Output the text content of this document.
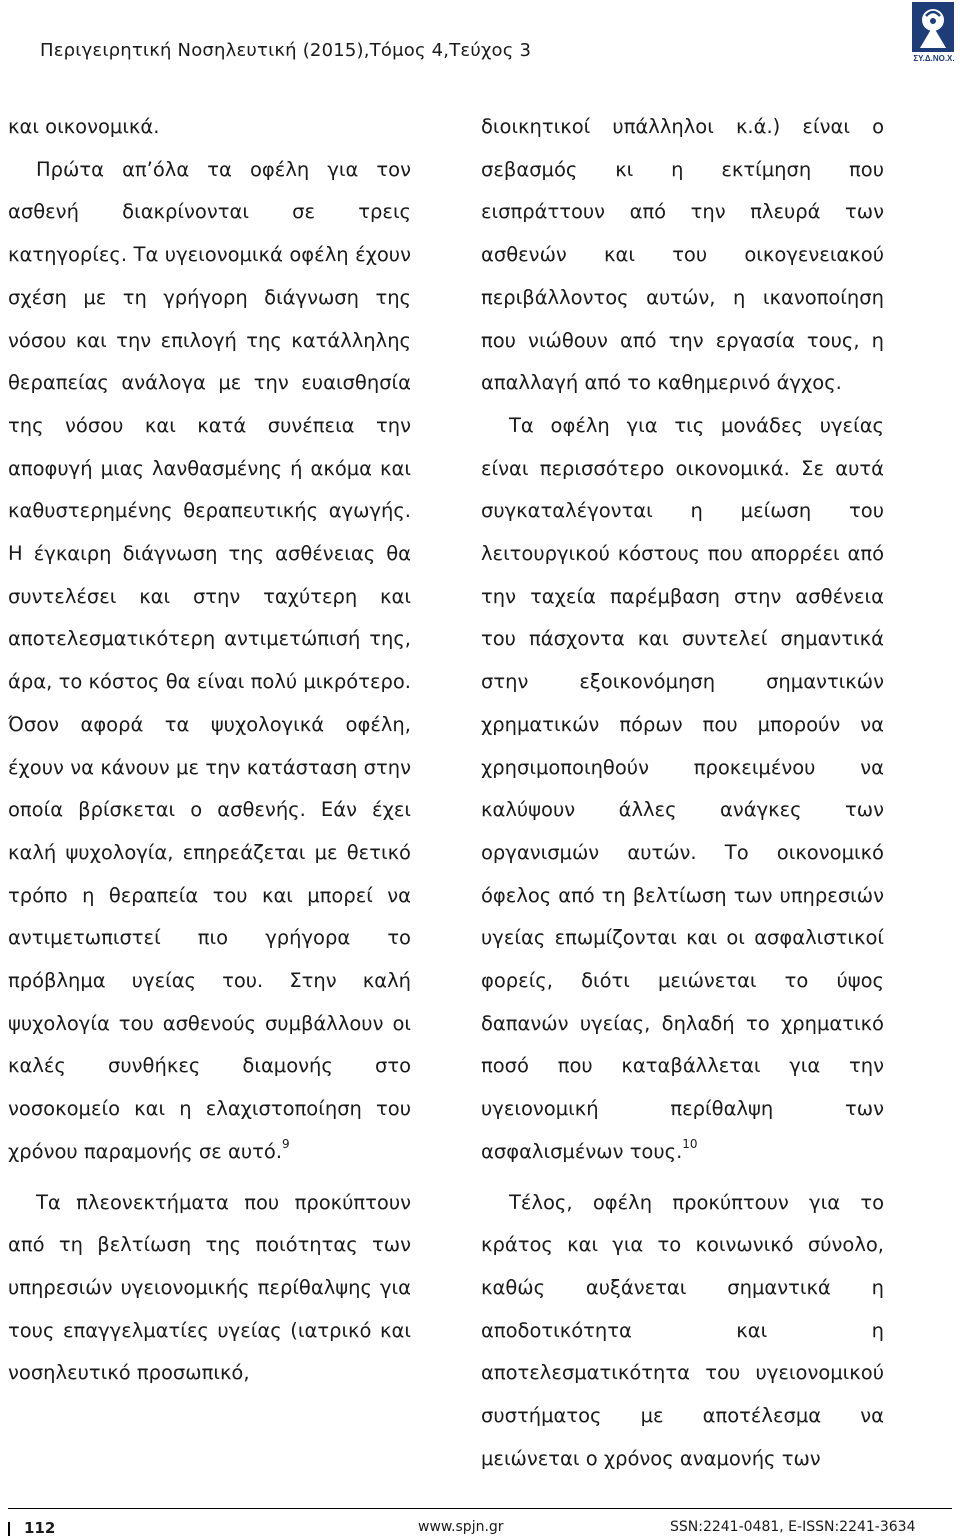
Περιγειρητική Νοσηλευτική (2015),Τόμος 4,Τεύχος 3	ΣΥ.Δ.ΝΟ.Χ.

και οικονομικά.

Πρώτα απ’όλα τα οφέλη για τον ασθενή διακρίνονται σε τρεις κατηγορίες. Τα υγειονομικά οφέλη έχουν σχέση με τη γρήγορη διάγνωση της νόσου και την επιλογή της κατάλληλης θεραπείας ανάλογα με την ευαισθησία της νόσου και κατά συνέπεια την αποφυγή μιας λανθασμένης ή ακόμα και καθυστερημένης θεραπευτικής αγωγής. Η έγκαιρη διάγνωση της ασθένειας θα συντελέσει και στην ταχύτερη και αποτελεσματικότερη αντιμετώπισή της, άρα, το κόστος θα είναι πολύ μικρότερο. Όσον αφορά τα ψυχολογικά οφέλη, έχουν να κάνουν με την κατάσταση στην οποία βρίσκεται ο ασθενής. Εάν έχει καλή ψυχολογία, επηρεάζεται με θετικό τρόπο η θεραπεία του και μπορεί να αντιμετωπιστεί πιο γρήγορα το πρόβλημα υγείας του. Στην καλή ψυχολογία του ασθενούς συμβάλλουν οι καλές συνθήκες διαμονής στο νοσοκομείο και η ελαχιστοποίηση του χρόνου παραμονής σε αυτό.$^9$

Τα πλεονεκτήματα που προκύπτουν από τη βελτίωση της ποιότητας των υπηρεσιών υγειονομικής περίθαλψης για τους επαγγελματίες υγείας (ιατρικό και νοσηλευτικό προσωπικό,

διοικητικοί υπάλληλοι κ.ά.) είναι ο σεβασμός κι η εκτίμηση που εισπράττουν από την πλευρά των ασθενών και του οικογενειακού περιβάλλοντος αυτών, η ικανοποίηση που νιώθουν από την εργασία τους, η απαλλαγή από το καθημερινό άγχος.

Τα οφέλη για τις μονάδες υγείας είναι περισσότερο οικονομικά. Σε αυτά συγκαταλέγονται η μείωση του λειτουργικού κόστους που απορρέει από την ταχεία παρέμβαση στην ασθένεια του πάσχοντα και συντελεί σημαντικά στην εξοικονόμηση σημαντικών χρηματικών πόρων που μπορούν να χρησιμοποιηθούν προκειμένου να καλύψουν άλλες ανάγκες των οργανισμών αυτών. Το οικονομικό όφελος από τη βελτίωση των υπηρεσιών υγείας επωμίζονται και οι ασφαλιστικοί φορείς, διότι μειώνεται το ύψος δαπανών υγείας, δηλαδή το χρηματικό ποσό που καταβάλλεται για την υγειονομική περίθαλψη των ασφαλισμένων τους.$^{10}$

Τέλος, οφέλη προκύπτουν για το κράτος και για το κοινωνικό σύνολο, καθώς αυξάνεται σημαντικά η αποδοτικότητα και η αποτελεσματικότητα του υγειονομικού συστήματος με αποτέλεσμα να μειώνεται ο χρόνος αναμονής των

112	www.spjn.gr	SSN:2241-0481, E-ISSN:2241-3634
